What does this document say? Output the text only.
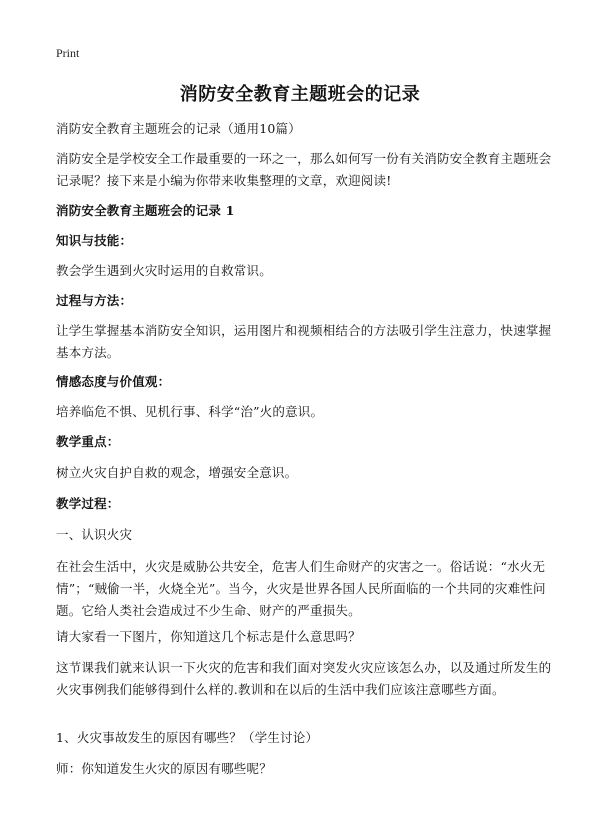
Print
消防安全教育主题班会的记录

消防安全教育主题班会的记录（通用10篇）

消防安全是学校安全工作最重要的一环之一，那么如何写一份有关消防安全教育主题班会记录呢？接下来是小编为你带来收集整理的文章，欢迎阅读!

消防安全教育主题班会的记录 1

知识与技能：

教会学生遇到火灾时运用的自救常识。

过程与方法：

让学生掌握基本消防安全知识，运用图片和视频相结合的方法吸引学生注意力，快速掌握基本方法。

情感态度与价值观：

培养临危不惧、见机行事、科学“治”火的意识。

教学重点：

树立火灾自护自救的观念，增强安全意识。

教学过程：

一、认识火灾

在社会生活中，火灾是威胁公共安全，危害人们生命财产的灾害之一。俗话说：“水火无情”；“贼偷一半，火烧全光”。当今，火灾是世界各国人民所面临的一个共同的灾难性问题。它给人类社会造成过不少生命、财产的严重损失。

请大家看一下图片，你知道这几个标志是什么意思吗？

这节课我们就来认识一下火灾的危害和我们面对突发火灾应该怎么办，以及通过所发生的火灾事例我们能够得到什么样的.教训和在以后的生活中我们应该注意哪些方面。

1、火灾事故发生的原因有哪些？（学生讨论）

师：你知道发生火灾的原因有哪些呢？
